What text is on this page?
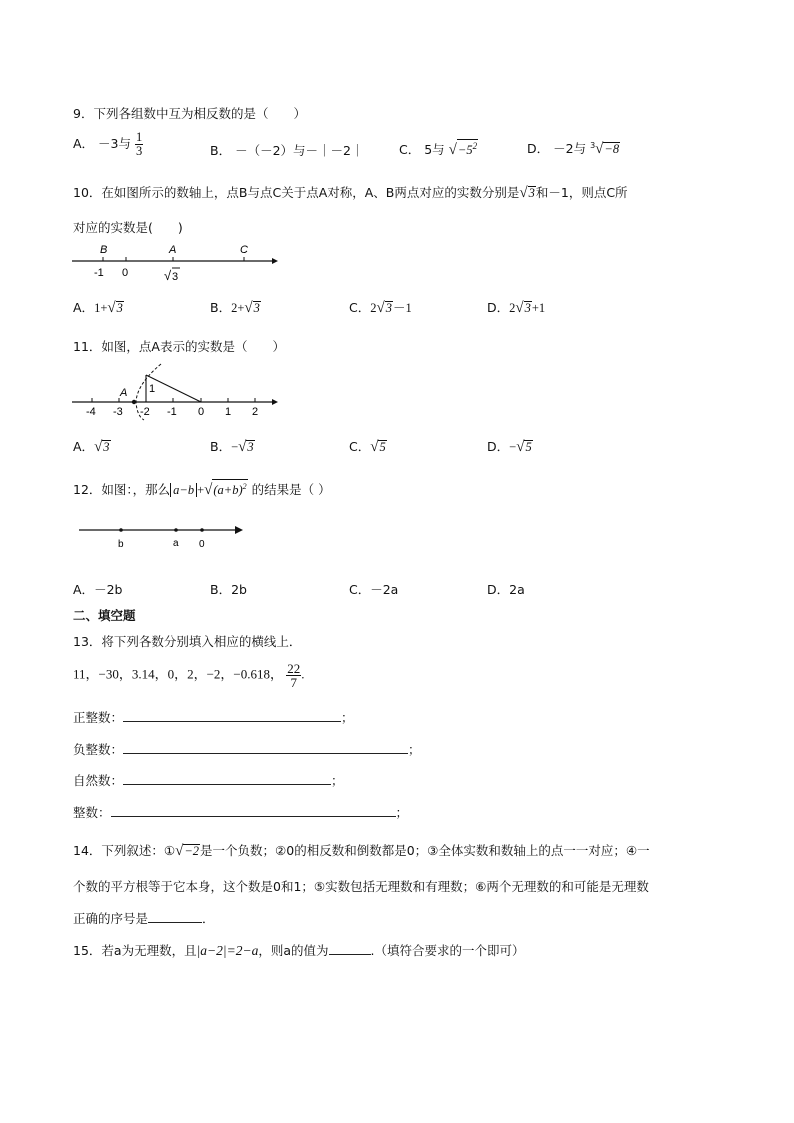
9．下列各组数中互为相反数的是（　　）
A． －3与 $\frac{1}{3}$	B． －（－2）与－｜－2｜	C． 5与 $√-5^2$	D． －2与 $^3$√−8
10．在如图所示的数轴上，点B与点C关于点A对称，A、B两点对应的实数分别是√3和－1，则点C所
对应的实数是(　　)
B	A	C
-1 0	√ 3
A．1+√3	B．2+√3	C．2√3－1	D．2√3+1
11．如图，点A表示的实数是（　　）
A 1
-4 -3 -2 -1 0 1 2
A．√3	B．−√3	C．√5	D．−√5
12．如图：，那么 $a-b +√(a+b)^2$ 的结果是（ ）
b	a 0
A．－2b	B．2b	C．－2a	D．2a
二、填空题
13．将下列各数分别填入相应的横线上．
11，−30，3.14，0，2，−2，−0.618， $\frac{22}{7}$ .
正整数：	；
负整数：	；
自然数：	；
整数：	；
14．下列叙述：①√−2是一个负数；②0的相反数和倒数都是0；③全体实数和数轴上的点一一对应；④一
个数的平方根等于它本身，这个数是0和1；⑤实数包括无理数和有理数；⑥两个无理数的和可能是无理数
正确的序号是	．
15．若a为无理数，且|a−2|=2−a，则a的值为	.（填符合要求的一个即可）
